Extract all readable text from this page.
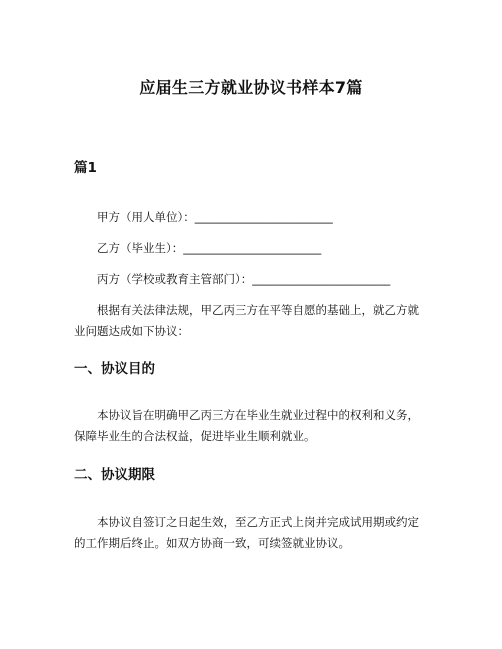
应届生三方就业协议书样本7篇
篇1
甲方（用人单位）：________________________
乙方（毕业生）：________________________
丙方（学校或教育主管部门）：________________________
根据有关法律法规，甲乙丙三方在平等自愿的基础上，就乙方就
业问题达成如下协议：
一、协议目的
本协议旨在明确甲乙丙三方在毕业生就业过程中的权利和义务，
保障毕业生的合法权益，促进毕业生顺利就业。
二、协议期限
本协议自签订之日起生效，至乙方正式上岗并完成试用期或约定
的工作期后终止。如双方协商一致，可续签就业协议。
